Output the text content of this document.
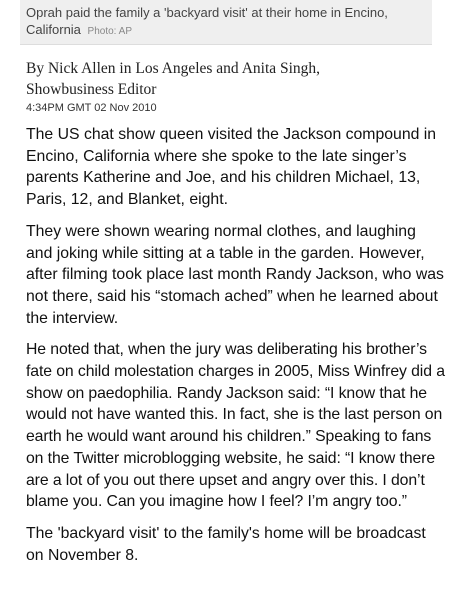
Oprah paid the family a 'backyard visit' at their home in Encino, California Photo: AP
By Nick Allen in Los Angeles and Anita Singh,
Showbusiness Editor
4:34PM GMT 02 Nov 2010

The US chat show queen visited the Jackson compound in Encino, California where she spoke to the late singer’s parents Katherine and Joe, and his children Michael, 13, Paris, 12, and Blanket, eight.

They were shown wearing normal clothes, and laughing and joking while sitting at a table in the garden. However, after filming took place last month Randy Jackson, who was not there, said his “stomach ached” when he learned about the interview.

He noted that, when the jury was deliberating his brother’s fate on child molestation charges in 2005, Miss Winfrey did a show on paedophilia. Randy Jackson said: “I know that he would not have wanted this. In fact, she is the last person on earth he would want around his children.” Speaking to fans on the Twitter microblogging website, he said: “I know there are a lot of you out there upset and angry over this. I don’t blame you. Can you imagine how I feel? I’m angry too.”

The 'backyard visit' to the family's home will be broadcast on November 8.
